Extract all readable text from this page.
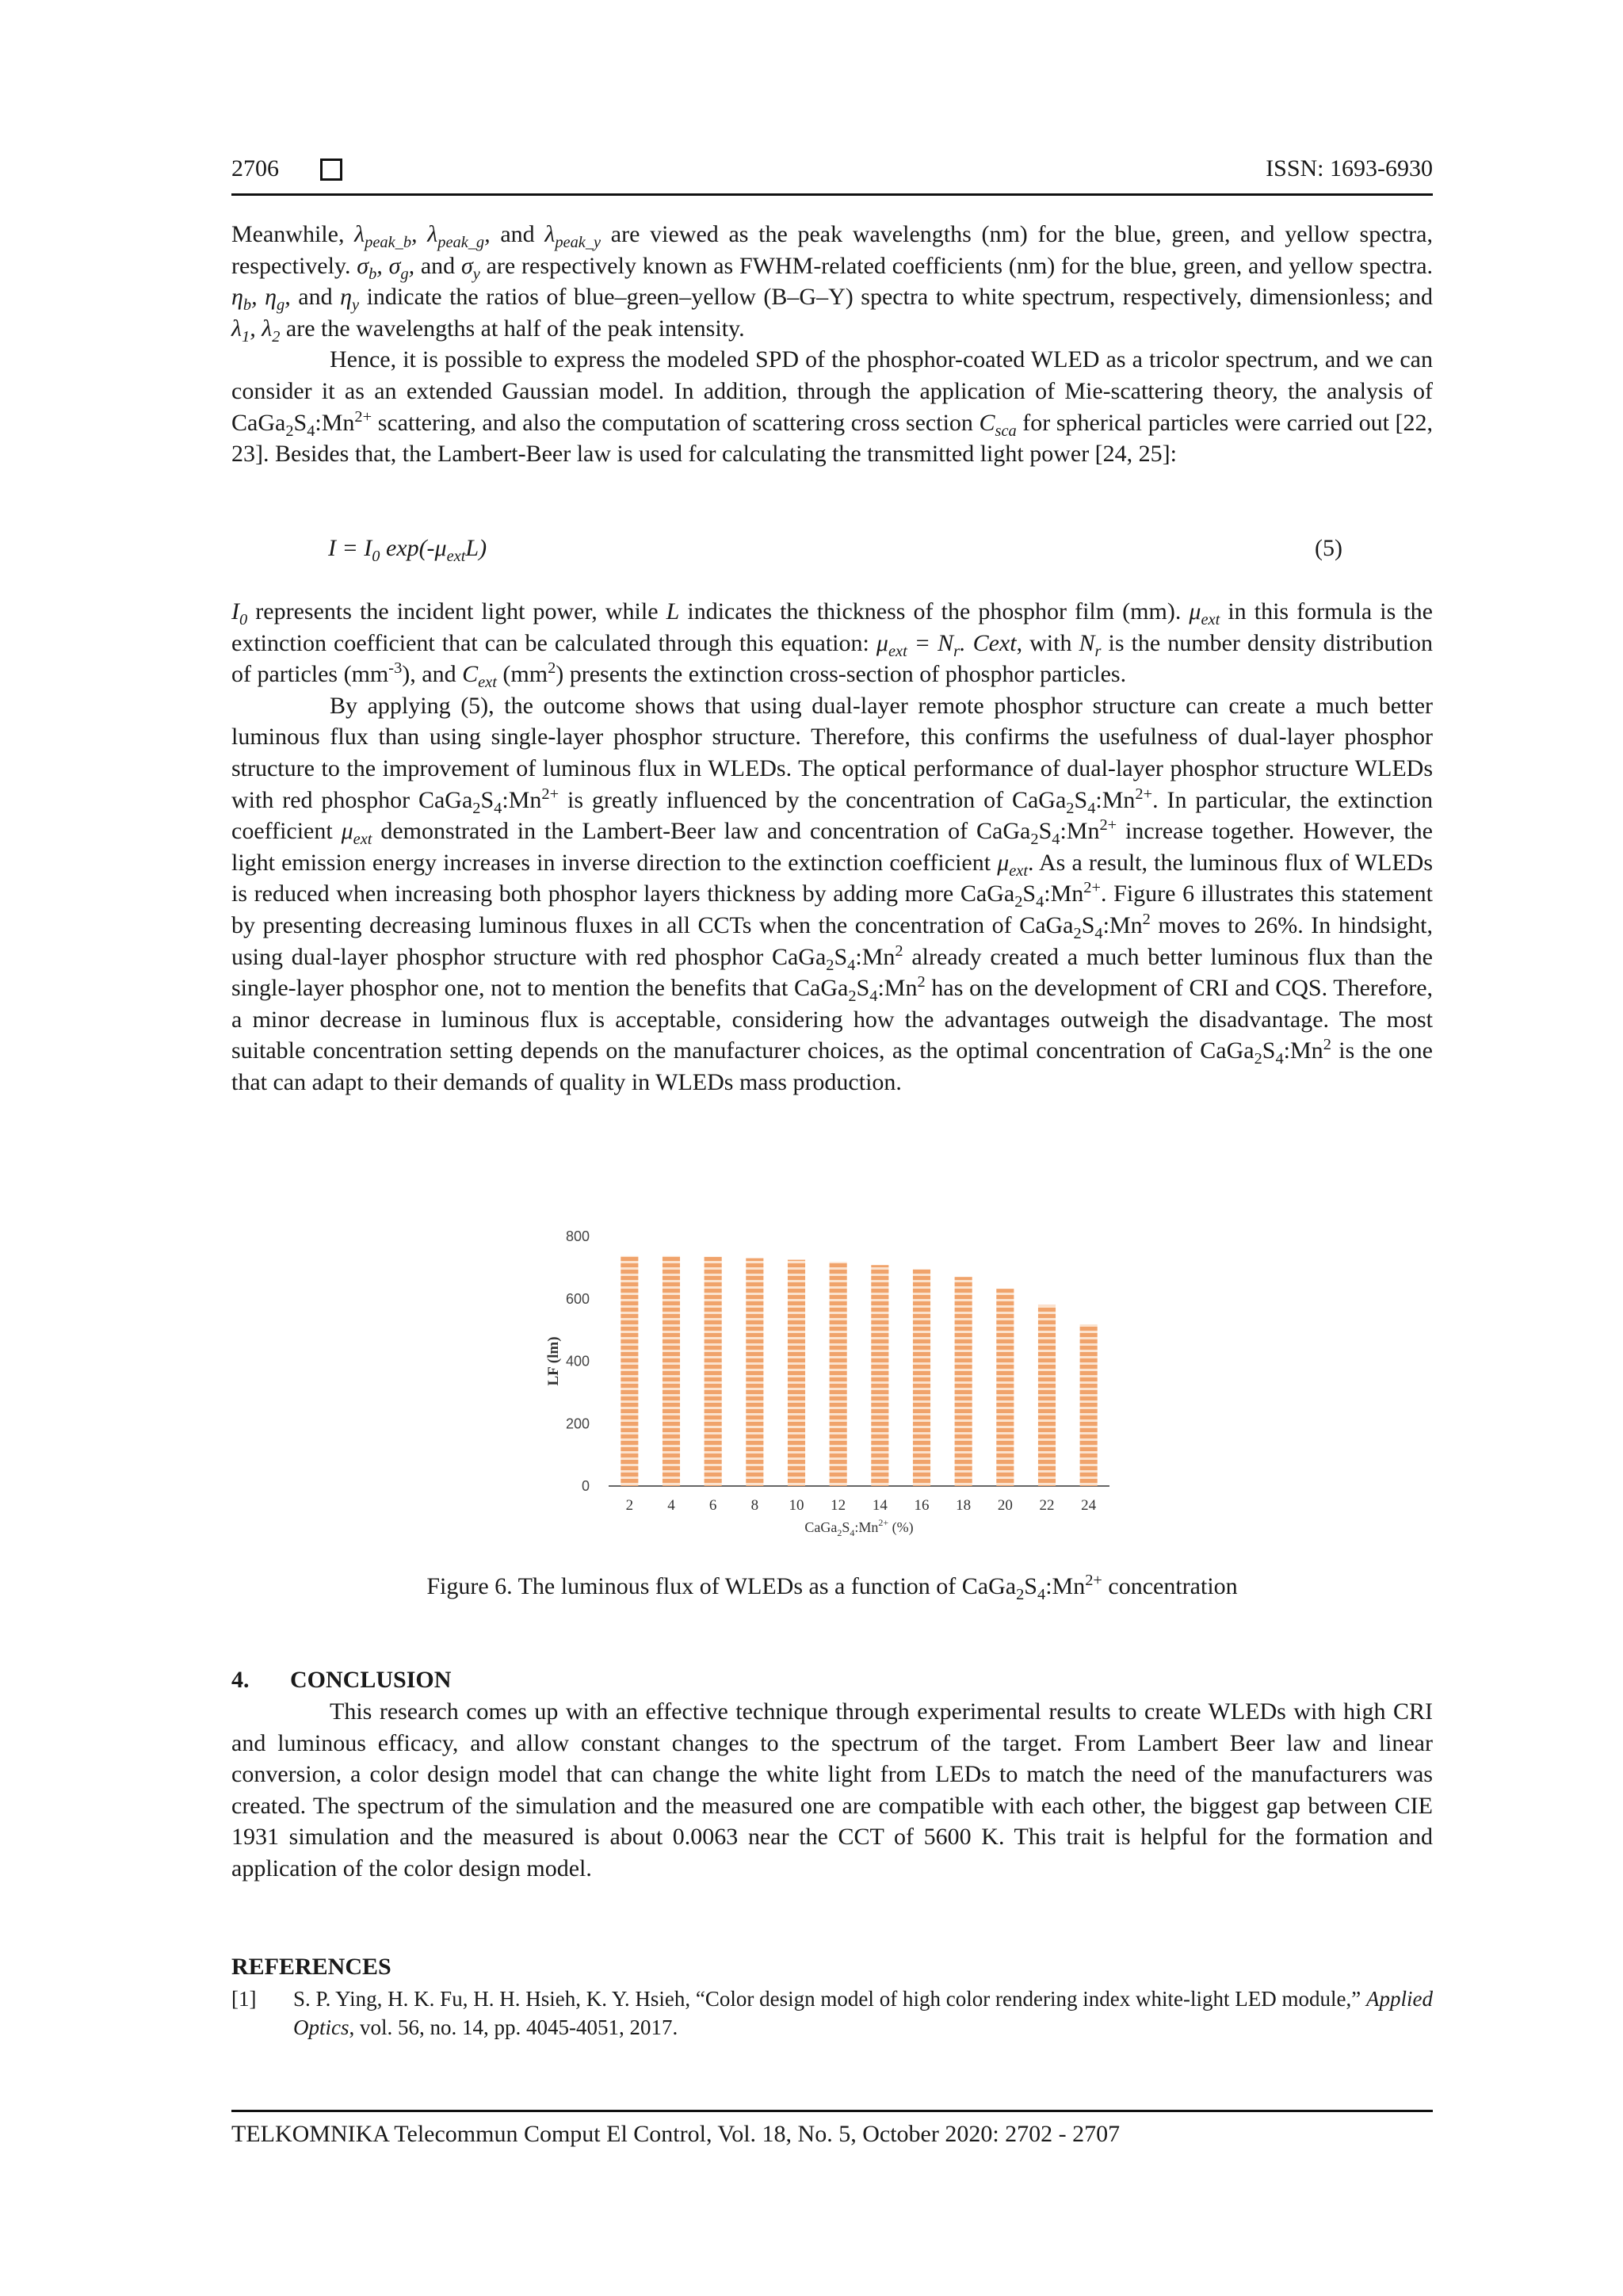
2706	ISSN: 1693-6930

Meanwhile, $\lambda_{peak\_b}$, $\lambda_{peak\_g}$, and $\lambda_{peak\_y}$ are viewed as the peak wavelengths (nm) for the blue, green, and yellow spectra, respectively. $\sigma_b$, $\sigma_g$, and $\sigma_y$ are respectively known as FWHM-related coefficients (nm) for the blue, green, and yellow spectra. $\eta_b$, $\eta_g$, and $\eta_y$ indicate the ratios of blue–green–yellow (B–G–Y) spectra to white spectrum, respectively, dimensionless; and $\lambda_1$, $\lambda_2$ are the wavelengths at half of the peak intensity.

Hence, it is possible to express the modeled SPD of the phosphor-coated WLED as a tricolor spectrum, and we can consider it as an extended Gaussian model. In addition, through the application of Mie-scattering theory, the analysis of $CaGa_2S_4:Mn^{2+}$ scattering, and also the computation of scattering cross section $C_{sca}$ for spherical particles were carried out [22, 23]. Besides that, the Lambert-Beer law is used for calculating the transmitted light power [24, 25]:

$I = I_0$ $\exp(-\mu_{ext}L)$	(5)

$I_0$ represents the incident light power, while L indicates the thickness of the phosphor film (mm). $\mu_{ext}$ in this formula is the extinction coefficient that can be calculated through this equation: $\mu_{ext} = N_r$. Cext, with $N_r$ is the number density distribution of particles $(mm^{-3})$, and $C_{ext}$ $(mm^2)$ presents the extinction cross-section of phosphor particles.

By applying (5), the outcome shows that using dual-layer remote phosphor structure can create a much better luminous flux than using single-layer phosphor structure. Therefore, this confirms the usefulness of dual-layer phosphor structure to the improvement of luminous flux in WLEDs. The optical performance of dual-layer phosphor structure WLEDs with red phosphor $CaGa_2S_4:Mn^{2+}$ is greatly influenced by the concentration of $CaGa_2S_4:Mn^{2+}$. In particular, the extinction coefficient $\mu_{ext}$ demonstrated in the Lambert-Beer law and concentration of $CaGa_2S_4:Mn^{2+}$ increase together. However, the light emission energy increases in inverse direction to the extinction coefficient $\mu_{ext}$. As a result, the luminous flux of WLEDs is reduced when increasing both phosphor layers thickness by adding more $CaGa_2S_4:Mn^{2+}$. Figure 6 illustrates this statement by presenting decreasing luminous fluxes in all CCTs when the concentration of $CaGa_2S_4:Mn^2$ moves to 26%. In hindsight, using dual-layer phosphor structure with red phosphor $CaGa_2S_4:Mn^2$ already created a much better luminous flux than the single-layer phosphor one, not to mention the benefits that $CaGa_2S_4:Mn^2$ has on the development of CRI and CQS. Therefore, a minor decrease in luminous flux is acceptable, considering how the advantages outweigh the disadvantage. The most suitable concentration setting depends on the manufacturer choices, as the optimal concentration of $CaGa_2S_4:Mn^2$ is the one that can adapt to their demands of quality in WLEDs mass production.

0
200
400
600
800
LF (lm)
2 4 6 8 10 12 14 16 18 20 22 24
$CaGa_2S_4:Mn^{2+}$ (%)
Figure 6. The luminous flux of WLEDs as a function of $CaGa_2S_4:Mn^{2+}$ concentration
4. CONCLUSION

This research comes up with an effective technique through experimental results to create WLEDs with high CRI and luminous efficacy, and allow constant changes to the spectrum of the target. From Lambert Beer law and linear conversion, a color design model that can change the white light from LEDs to match the need of the manufacturers was created. The spectrum of the simulation and the measured one are compatible with each other, the biggest gap between CIE 1931 simulation and the measured is about 0.0063 near the CCT of 5600 K. This trait is helpful for the formation and application of the color design model.

REFERENCES
[1] S. P. Ying, H. K. Fu, H. H. Hsieh, K. Y. Hsieh, “Color design model of high color rendering index white-light LED module,” Applied Optics, vol. 56, no. 14, pp. 4045-4051, 2017.
TELKOMNIKA Telecommun Comput El Control, Vol. 18, No. 5, October 2020: 2702 - 2707
